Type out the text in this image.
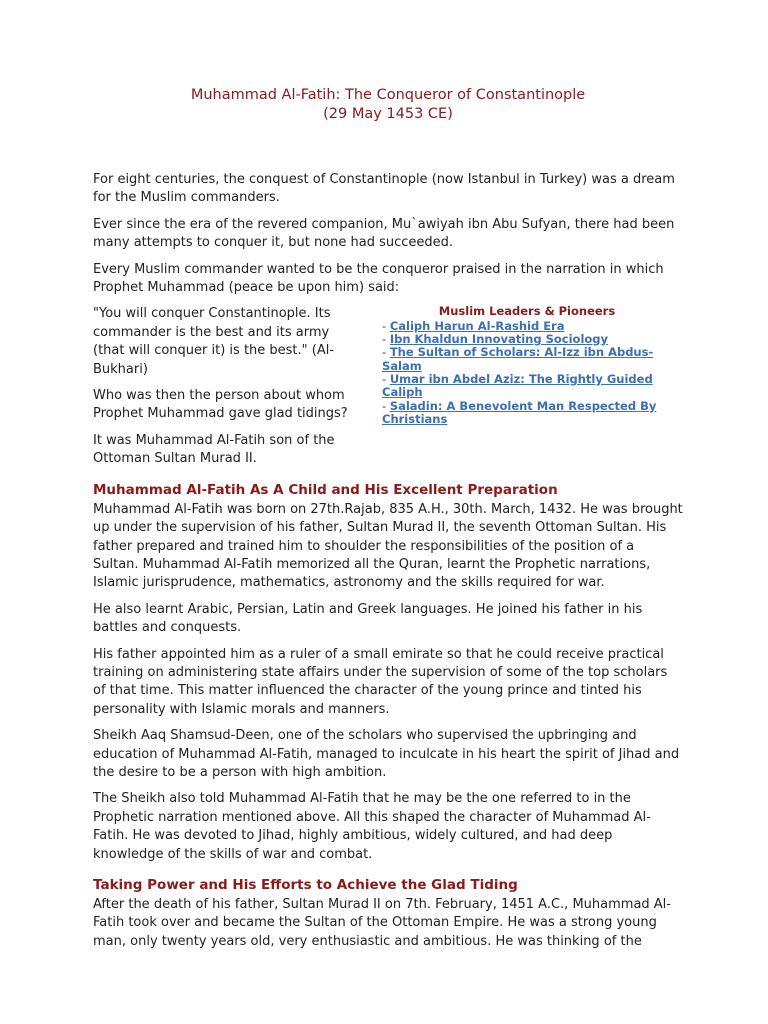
Muhammad Al-Fatih: The Conqueror of Constantinople
(29 May 1453 CE)

For eight centuries, the conquest of Constantinople (now Istanbul in Turkey) was a dream for the Muslim commanders.

Ever since the era of the revered companion, Mu`awiyah ibn Abu Sufyan, there had been many attempts to conquer it, but none had succeeded.

Every Muslim commander wanted to be the conqueror praised in the narration in which Prophet Muhammad (peace be upon him) said:

Muslim Leaders & Pioneers
- Caliph Harun Al-Rashid Era
- Ibn Khaldun Innovating Sociology
- The Sultan of Scholars: Al-Izz ibn Abdus-Salam
- Umar ibn Abdel Aziz: The Rightly Guided Caliph
- Saladin: A Benevolent Man Respected By Christians

"You will conquer Constantinople. Its commander is the best and its army (that will conquer it) is the best." (Al-Bukhari)

Who was then the person about whom Prophet Muhammad gave glad tidings?

It was Muhammad Al-Fatih son of the Ottoman Sultan Murad II.

Muhammad Al-Fatih As A Child and His Excellent Preparation

Muhammad Al-Fatih was born on 27th.Rajab, 835 A.H., 30th. March, 1432. He was brought up under the supervision of his father, Sultan Murad II, the seventh Ottoman Sultan. His father prepared and trained him to shoulder the responsibilities of the position of a Sultan. Muhammad Al-Fatih memorized all the Quran, learnt the Prophetic narrations, Islamic jurisprudence, mathematics, astronomy and the skills required for war.

He also learnt Arabic, Persian, Latin and Greek languages. He joined his father in his battles and conquests.

His father appointed him as a ruler of a small emirate so that he could receive practical training on administering state affairs under the supervision of some of the top scholars of that time. This matter influenced the character of the young prince and tinted his personality with Islamic morals and manners.

Sheikh Aaq Shamsud-Deen, one of the scholars who supervised the upbringing and education of Muhammad Al-Fatih, managed to inculcate in his heart the spirit of Jihad and the desire to be a person with high ambition.

The Sheikh also told Muhammad Al-Fatih that he may be the one referred to in the Prophetic narration mentioned above. All this shaped the character of Muhammad Al-Fatih. He was devoted to Jihad, highly ambitious, widely cultured, and had deep knowledge of the skills of war and combat.

Taking Power and His Efforts to Achieve the Glad Tiding

After the death of his father, Sultan Murad II on 7th. February, 1451 A.C., Muhammad Al-Fatih took over and became the Sultan of the Ottoman Empire. He was a strong young man, only twenty years old, very enthusiastic and ambitious. He was thinking of the
